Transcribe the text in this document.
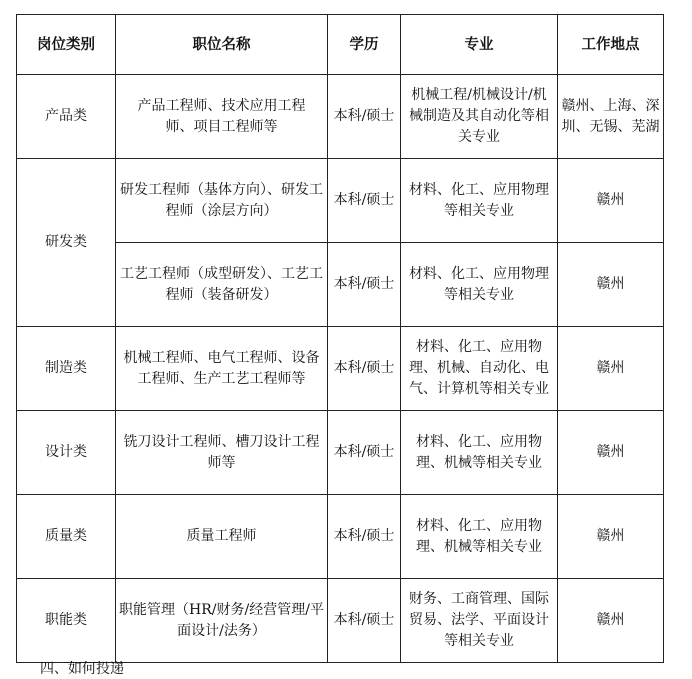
岗位类别	职位名称	学历	专业	工作地点
产品类	产品工程师、技术应用工程师、项目工程师等	本科/硕士	机械工程/机械设计/机械制造及其自动化等相关专业	赣州、上海、深圳、无锡、芜湖
研发类	研发工程师（基体方向）、研发工程师（涂层方向）	本科/硕士	材料、化工、应用物理等相关专业	赣州
	工艺工程师（成型研发）、工艺工程师（装备研发）	本科/硕士	材料、化工、应用物理等相关专业	赣州
制造类	机械工程师、电气工程师、设备工程师、生产工艺工程师等	本科/硕士	材料、化工、应用物理、机械、自动化、电气、计算机等相关专业	赣州
设计类	铣刀设计工程师、槽刀设计工程师等	本科/硕士	材料、化工、应用物理、机械等相关专业	赣州
质量类	质量工程师	本科/硕士	材料、化工、应用物理、机械等相关专业	赣州
职能类	职能管理（HR/财务/经营管理/平面设计/法务）	本科/硕士	财务、工商管理、国际贸易、法学、平面设计等相关专业	赣州
四、如何投递
